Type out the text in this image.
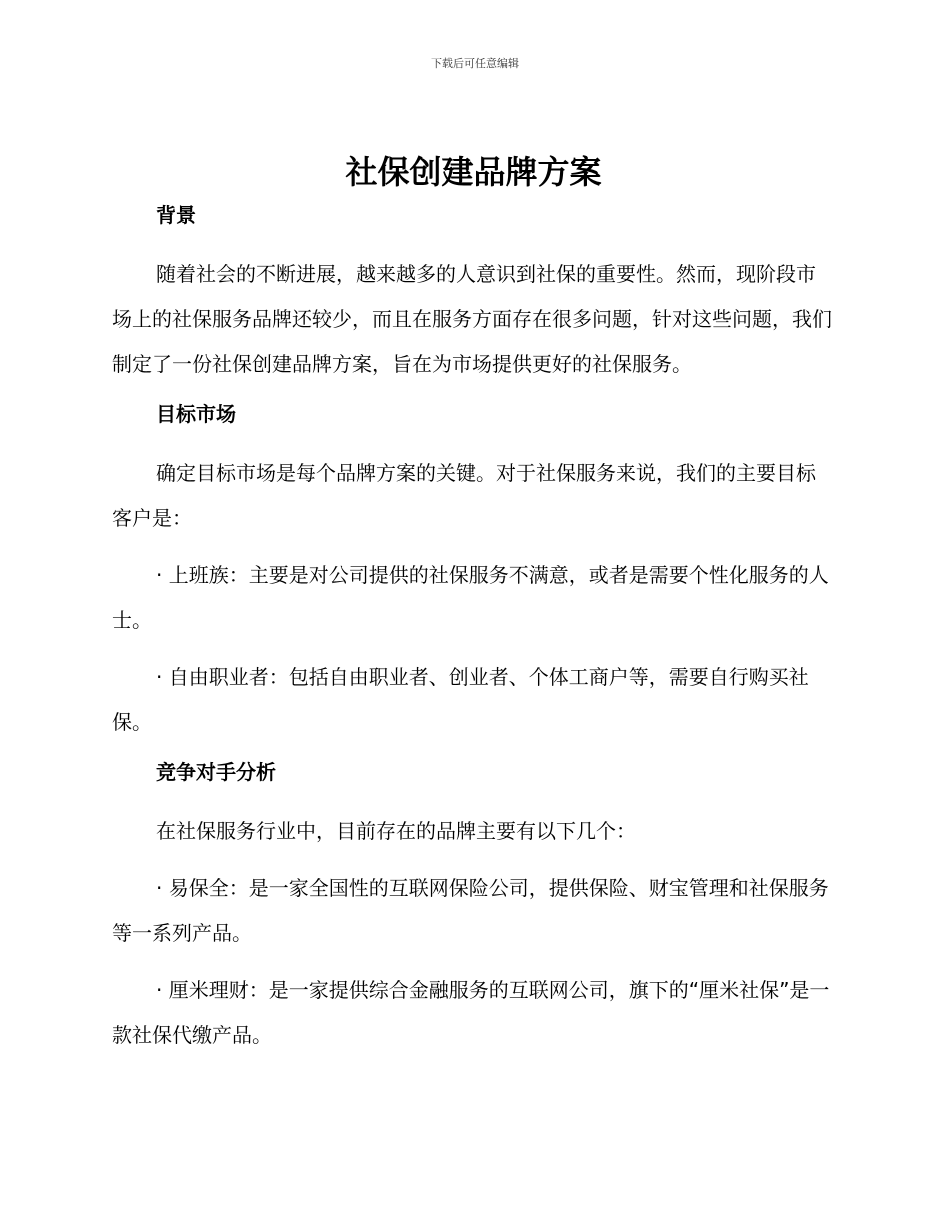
下载后可任意编辑
社保创建品牌方案
背景

随着社会的不断进展，越来越多的人意识到社保的重要性。然而，现阶段市场上的社保服务品牌还较少，而且在服务方面存在很多问题，针对这些问题，我们制定了一份社保创建品牌方案，旨在为市场提供更好的社保服务。

目标市场

确定目标市场是每个品牌方案的关键。对于社保服务来说，我们的主要目标客户是：

· 上班族：主要是对公司提供的社保服务不满意，或者是需要个性化服务的人士。

· 自由职业者：包括自由职业者、创业者、个体工商户等，需要自行购买社保。

竞争对手分析

在社保服务行业中，目前存在的品牌主要有以下几个：

· 易保全：是一家全国性的互联网保险公司，提供保险、财宝管理和社保服务等一系列产品。

· 厘米理财：是一家提供综合金融服务的互联网公司，旗下的“厘米社保”是一款社保代缴产品。
